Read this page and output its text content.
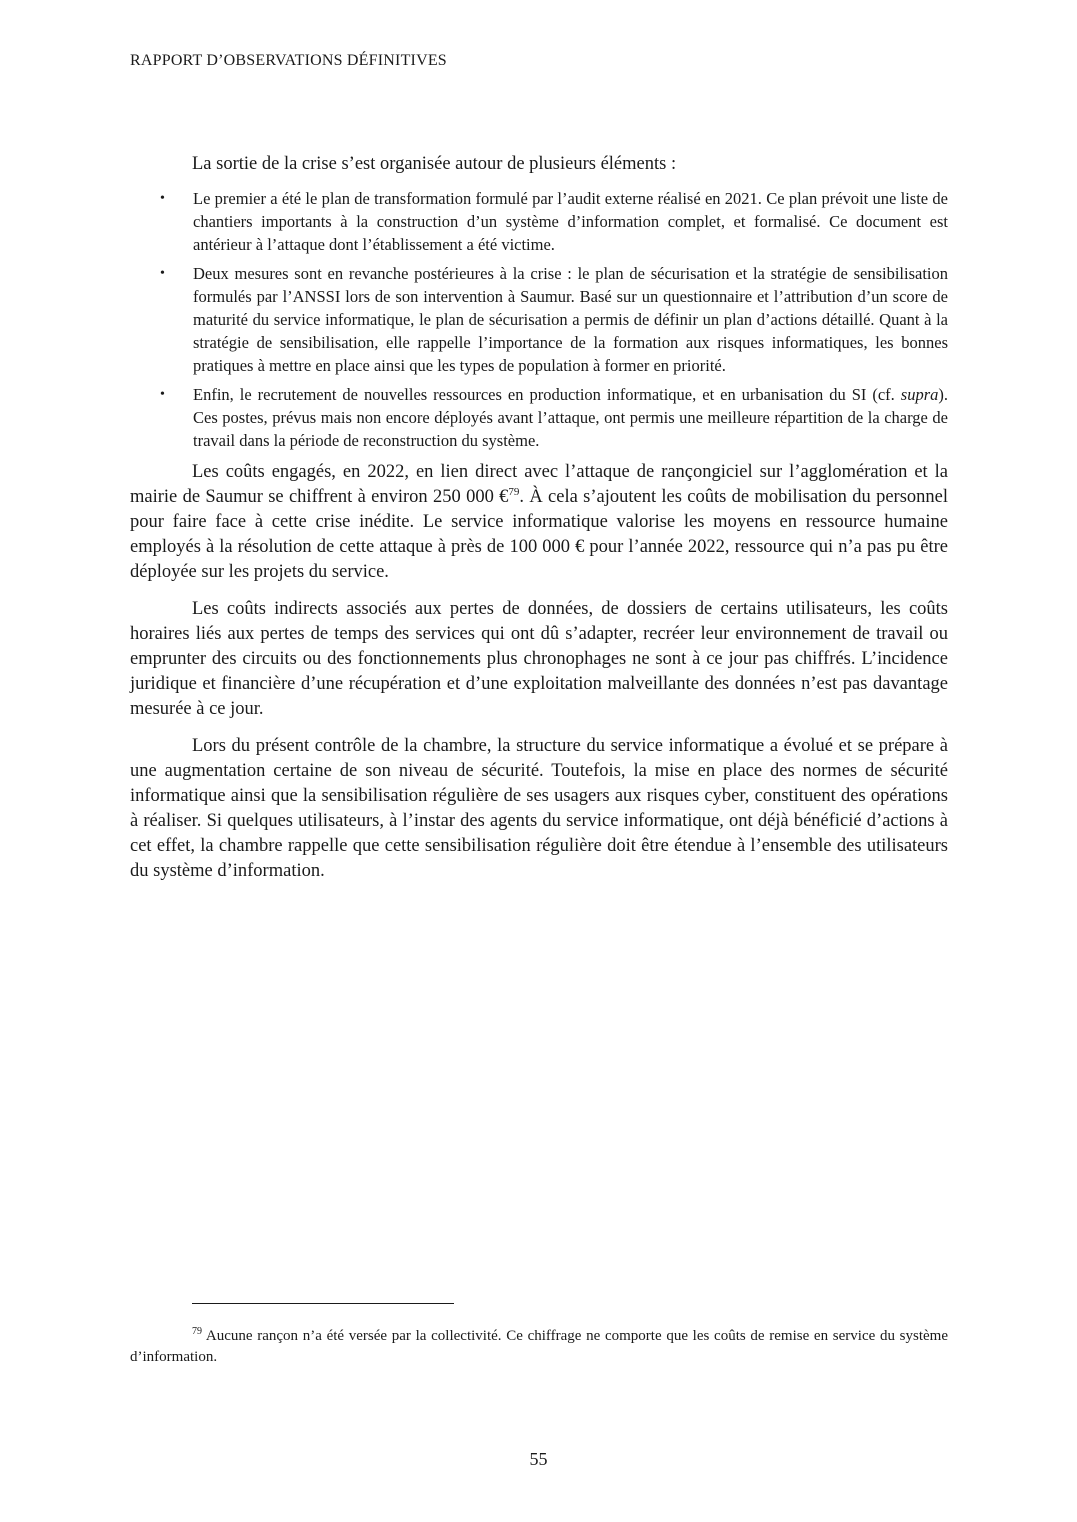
RAPPORT D’OBSERVATIONS DÉFINITIVES

La sortie de la crise s’est organisée autour de plusieurs éléments :

• Le premier a été le plan de transformation formulé par l’audit externe réalisé en 2021. Ce plan prévoit une liste de chantiers importants à la construction d’un système d’information complet, et formalisé. Ce document est antérieur à l’attaque dont l’établissement a été victime.
• Deux mesures sont en revanche postérieures à la crise : le plan de sécurisation et la stratégie de sensibilisation formulés par l’ANSSI lors de son intervention à Saumur. Basé sur un questionnaire et l’attribution d’un score de maturité du service informatique, le plan de sécurisation a permis de définir un plan d’actions détaillé. Quant à la stratégie de sensibilisation, elle rappelle l’importance de la formation aux risques informatiques, les bonnes pratiques à mettre en place ainsi que les types de population à former en priorité.
• Enfin, le recrutement de nouvelles ressources en production informatique, et en urbanisation du SI (cf. supra). Ces postes, prévus mais non encore déployés avant l’attaque, ont permis une meilleure répartition de la charge de travail dans la période de reconstruction du système.

Les coûts engagés, en 2022, en lien direct avec l’attaque de rançongiciel sur l’agglomération et la mairie de Saumur se chiffrent à environ 250 000 €$^{79}$. À cela s’ajoutent les coûts de mobilisation du personnel pour faire face à cette crise inédite. Le service informatique valorise les moyens en ressource humaine employés à la résolution de cette attaque à près de 100 000 € pour l’année 2022, ressource qui n’a pas pu être déployée sur les projets du service.

Les coûts indirects associés aux pertes de données, de dossiers de certains utilisateurs, les coûts horaires liés aux pertes de temps des services qui ont dû s’adapter, recréer leur environnement de travail ou emprunter des circuits ou des fonctionnements plus chronophages ne sont à ce jour pas chiffrés. L’incidence juridique et financière d’une récupération et d’une exploitation malveillante des données n’est pas davantage mesurée à ce jour.

Lors du présent contrôle de la chambre, la structure du service informatique a évolué et se prépare à une augmentation certaine de son niveau de sécurité. Toutefois, la mise en place des normes de sécurité informatique ainsi que la sensibilisation régulière de ses usagers aux risques cyber, constituent des opérations à réaliser. Si quelques utilisateurs, à l’instar des agents du service informatique, ont déjà bénéficié d’actions à cet effet, la chambre rappelle que cette sensibilisation régulière doit être étendue à l’ensemble des utilisateurs du système d’information.

$^{79}$ Aucune rançon n’a été versée par la collectivité. Ce chiffrage ne comporte que les coûts de remise en service du système d’information.
55
